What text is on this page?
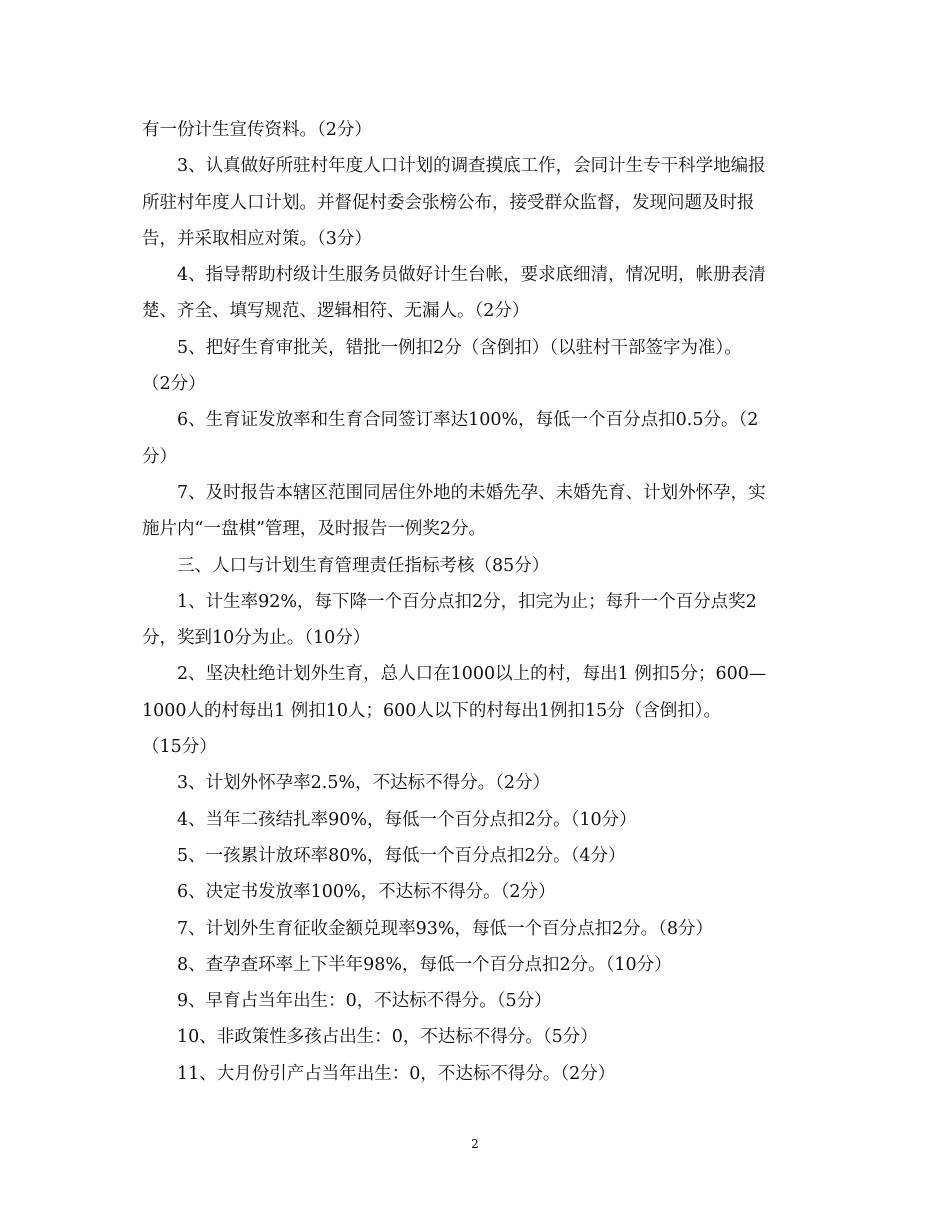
有一份计生宣传资料。（2分）
3、认真做好所驻村年度人口计划的调查摸底工作，会同计生专干科学地编报
所驻村年度人口计划。并督促村委会张榜公布，接受群众监督，发现问题及时报
告，并采取相应对策。（3分）
4、指导帮助村级计生服务员做好计生台帐，要求底细清，情况明，帐册表清
楚、齐全、填写规范、逻辑相符、无漏人。（2分）
5、把好生育审批关，错批一例扣2分（含倒扣）（以驻村干部签字为准）。
（2分）
6、生育证发放率和生育合同签订率达100%，每低一个百分点扣0.5分。（2
分）
7、及时报告本辖区范围同居住外地的未婚先孕、未婚先育、计划外怀孕，实
施片内“一盘棋”管理，及时报告一例奖2分。
三、人口与计划生育管理责任指标考核（85分）
1、计生率92%，每下降一个百分点扣2分，扣完为止；每升一个百分点奖2
分，奖到10分为止。（10分）
2、坚决杜绝计划外生育，总人口在1000以上的村，每出1 例扣5分；600—
1000人的村每出1 例扣10人；600人以下的村每出1例扣15分（含倒扣）。
（15分）
3、计划外怀孕率2.5%，不达标不得分。（2分）
4、当年二孩结扎率90%，每低一个百分点扣2分。（10分）
5、一孩累计放环率80%，每低一个百分点扣2分。（4分）
6、决定书发放率100%，不达标不得分。（2分）
7、计划外生育征收金额兑现率93%，每低一个百分点扣2分。（8分）
8、查孕查环率上下半年98%，每低一个百分点扣2分。（10分）
9、早育占当年出生：0，不达标不得分。（5分）
10、非政策性多孩占出生：0，不达标不得分。（5分）
11、大月份引产占当年出生：0，不达标不得分。（2分）
2
